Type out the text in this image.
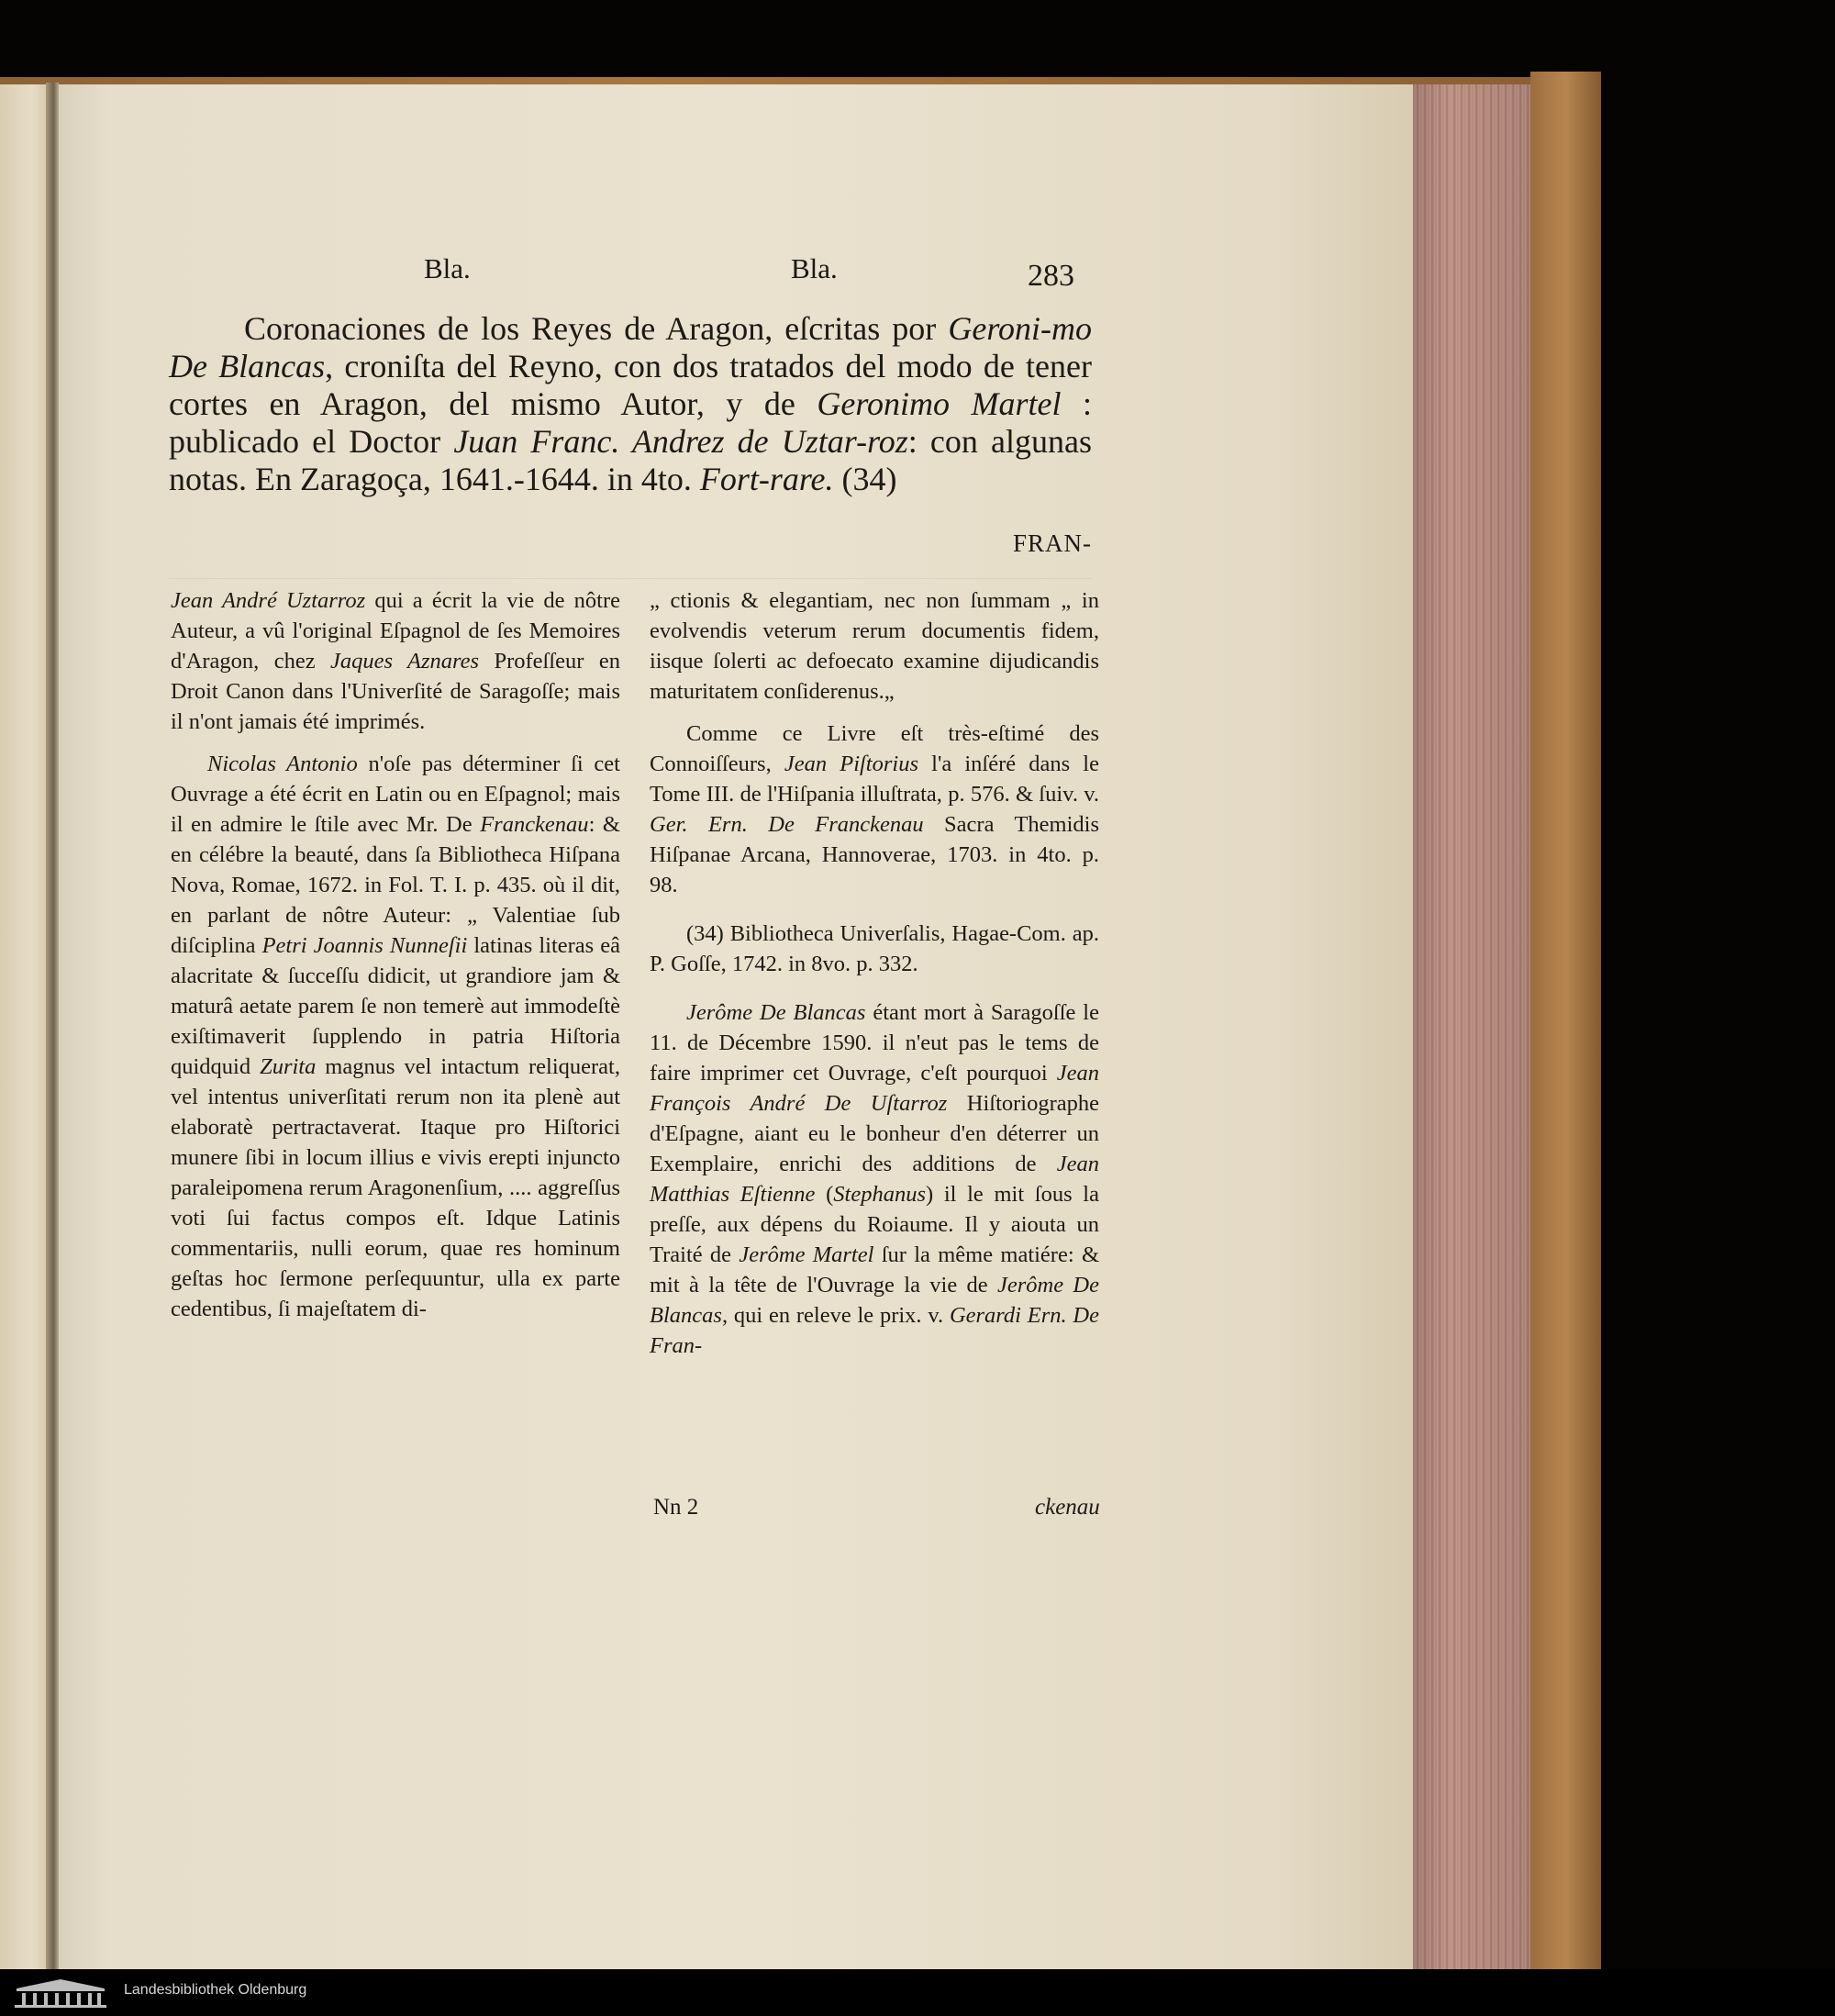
Bla.	Bla.	283

Coronaciones de los Reyes de Aragon, eſcritas por Geroni-mo De Blancas, croniſta del Reyno, con dos tratados del modo de tener cortes en Aragon, del mismo Autor, y de Geronimo Martel : publicado el Doctor Juan Franc. Andrez de Uztar-roz: con algunas notas. En Zaragoça, 1641.-1644. in 4to. Fort-rare. (34)

FRAN-

Jean André Uztarroz qui a écrit la vie de nôtre Auteur, a vû l'original Eſpagnol de ſes Memoires d'Aragon, chez Jaques Aznares Profeſſeur en Droit Canon dans l'Univerſité de Saragoſſe; mais il n'ont jamais été imprimés.

Nicolas Antonio n'oſe pas déterminer ſi cet Ouvrage a été écrit en Latin ou en Eſpagnol; mais il en admire le ſtile avec Mr. De Franckenau: & en célébre la beauté, dans ſa Bibliotheca Hiſpana Nova, Romae, 1672. in Fol. T. I. p. 435. où il dit, en parlant de nôtre Auteur: „ Valentiae ſub diſciplina Petri Joannis Nunneſii latinas literas eâ alacritate & ſucceſſu didicit, ut grandiore jam & maturâ aetate parem ſe non temerè aut immodeſtè exiſtimaverit ſupplendo in patria Hiſtoria quidquid Zurita magnus vel intactum reliquerat, vel intentus univerſitati rerum non ita plenè aut elaboratè pertractaverat. Itaque pro Hiſtorici munere ſibi in locum illius e vivis erepti injuncto paraleipomena rerum Aragonenſium, .... aggreſſus voti ſui factus compos eſt. Idque Latinis commentariis, nulli eorum, quae res hominum geſtas hoc ſermone perſequuntur, ulla ex parte cedentibus, ſi majeſtatem di-

„ ctionis & elegantiam, nec non ſummam „ in evolvendis veterum rerum documentis fidem, iisque ſolerti ac defoecato examine dijudicandis maturitatem conſiderenus.„

Comme ce Livre eſt très-eſtimé des Connoiſſeurs, Jean Piſtorius l'a inſéré dans le Tome III. de l'Hiſpania illuſtrata, p. 576. & ſuiv. v. Ger. Ern. De Franckenau Sacra Themidis Hiſpanae Arcana, Hannoverae, 1703. in 4to. p. 98.

(34) Bibliotheca Univerſalis, Hagae-Com. ap. P. Goſſe, 1742. in 8vo. p. 332.

Jerôme De Blancas étant mort à Saragoſſe le 11. de Décembre 1590. il n'eut pas le tems de faire imprimer cet Ouvrage, c'eſt pourquoi Jean François André De Uſtarroz Hiſtoriographe d'Eſpagne, aiant eu le bonheur d'en déterrer un Exemplaire, enrichi des additions de Jean Matthias Eſtienne (Stephanus) il le mit ſous la preſſe, aux dépens du Roiaume. Il y aiouta un Traité de Jerôme Martel ſur la même matiére: & mit à la tête de l'Ouvrage la vie de Jerôme De Blancas, qui en releve le prix. v. Gerardi Ern. De Fran-

Nn 2	ckenau
Landesbibliothek Oldenburg
